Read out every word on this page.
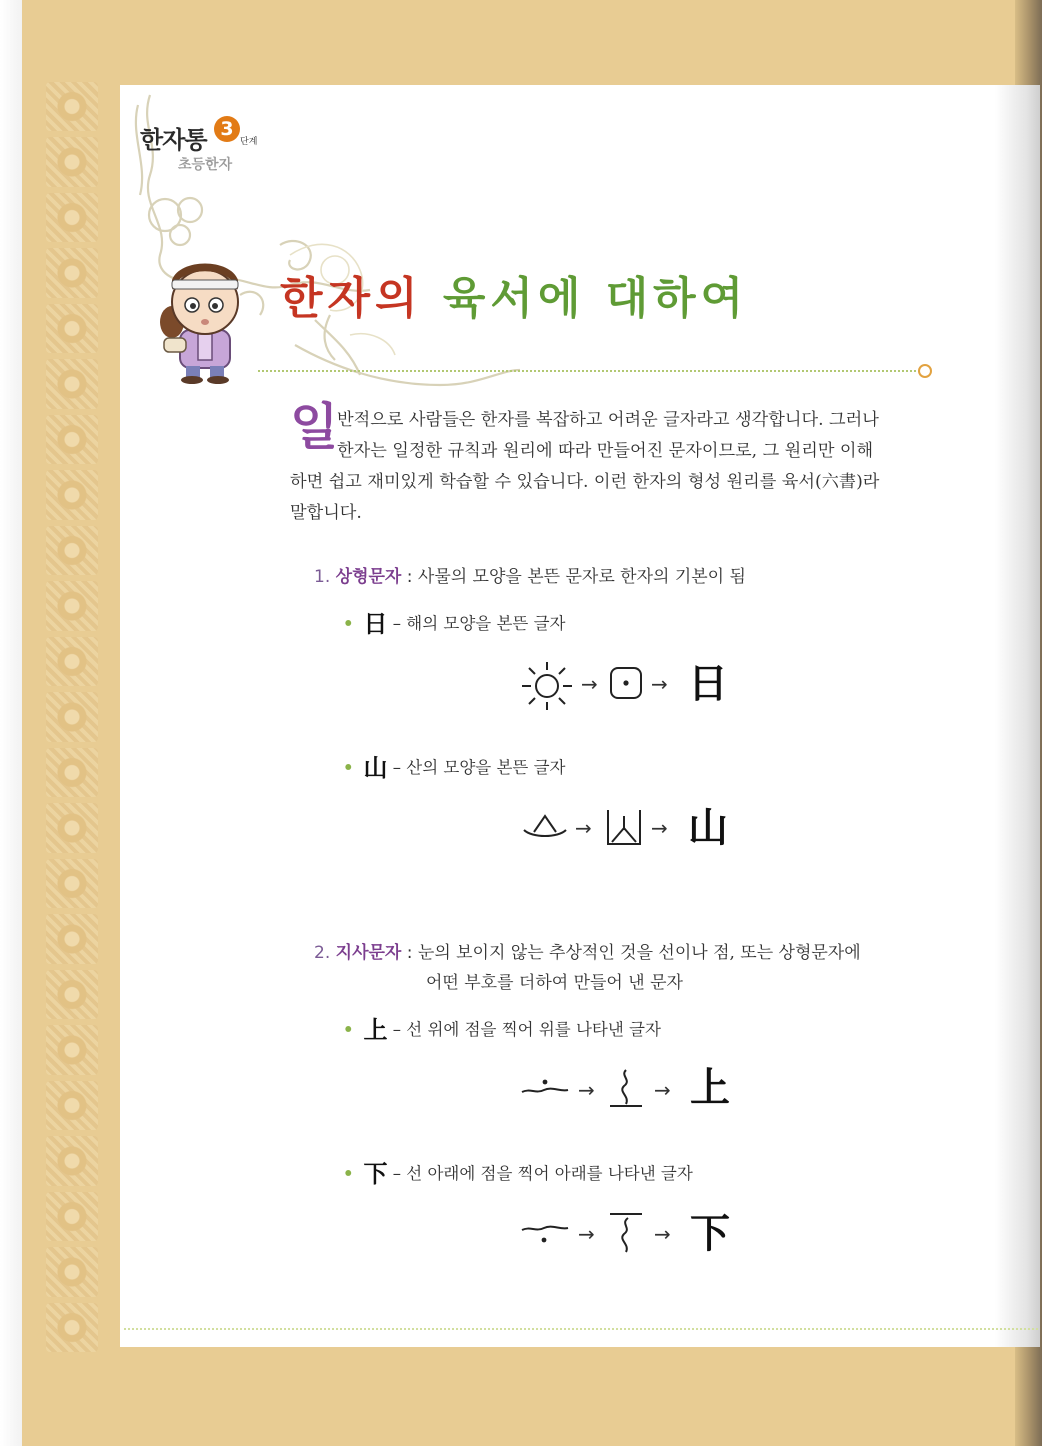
한자통 3
단계
초등한자
한자의 육서에 대하여
일
반적으로 사람들은 한자를 복잡하고 어려운 글자라고 생각합니다. 그러나
한자는 일정한 규칙과 원리에 따라 만들어진 문자이므로, 그 원리만 이해
하면 쉽고 재미있게 학습할 수 있습니다. 이런 한자의 형성 원리를 육서(六書)라
말합니다.
1. 상형문자 : 사물의 모양을 본뜬 문자로 한자의 기본이 됨
• 日 – 해의 모양을 본뜬 글자
→	→ 日
• 山 – 산의 모양을 본뜬 글자
→	→ 山
2. 지사문자 : 눈의 보이지 않는 추상적인 것을 선이나 점, 또는 상형문자에
어떤 부호를 더하여 만들어 낸 문자
• 上 – 선 위에 점을 찍어 위를 나타낸 글자
→	→ 上
• 下 – 선 아래에 점을 찍어 아래를 나타낸 글자
→	→ 下
